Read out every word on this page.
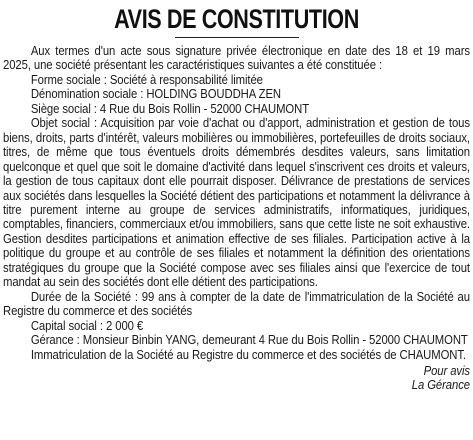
AVIS DE CONSTITUTION

Aux termes d'un acte sous signature privée électronique en date des 18 et 19 mars 2025, une société présentant les caractéristiques suivantes a été constituée :

Forme sociale : Société à responsabilité limitée

Dénomination sociale : HOLDING BOUDDHA ZEN

Siège social : 4 Rue du Bois Rollin - 52000 CHAUMONT

Objet social : Acquisition par voie d'achat ou d'apport, administration et gestion de tous biens, droits, parts d'intérêt, valeurs mobilières ou immobilières, portefeuilles de droits sociaux, titres, de même que tous éventuels droits démembrés desdites valeurs, sans limitation quelconque et quel que soit le domaine d'activité dans lequel s'inscrivent ces droits et valeurs, la gestion de tous capitaux dont elle pourrait disposer. Délivrance de prestations de services aux sociétés dans lesquelles la Société détient des participations et notamment la délivrance à titre purement interne au groupe de services administratifs, informatiques, juridiques, comptables, financiers, commerciaux et/ou immobiliers, sans que cette liste ne soit exhaustive. Gestion desdites participations et animation effective de ses filiales. Participation active à la politique du groupe et au contrôle de ses filiales et notamment la définition des orientations stratégiques du groupe que la Société compose avec ses filiales ainsi que l'exercice de tout mandat au sein des sociétés dont elle détient des participations.

Durée de la Société : 99 ans à compter de la date de l'immatriculation de la Société au Registre du commerce et des sociétés

Capital social : 2 000 €

Gérance : Monsieur Binbin YANG, demeurant 4 Rue du Bois Rollin - 52000 CHAUMONT

Immatriculation de la Société au Registre du commerce et des sociétés de CHAUMONT.

Pour avis
La Gérance
